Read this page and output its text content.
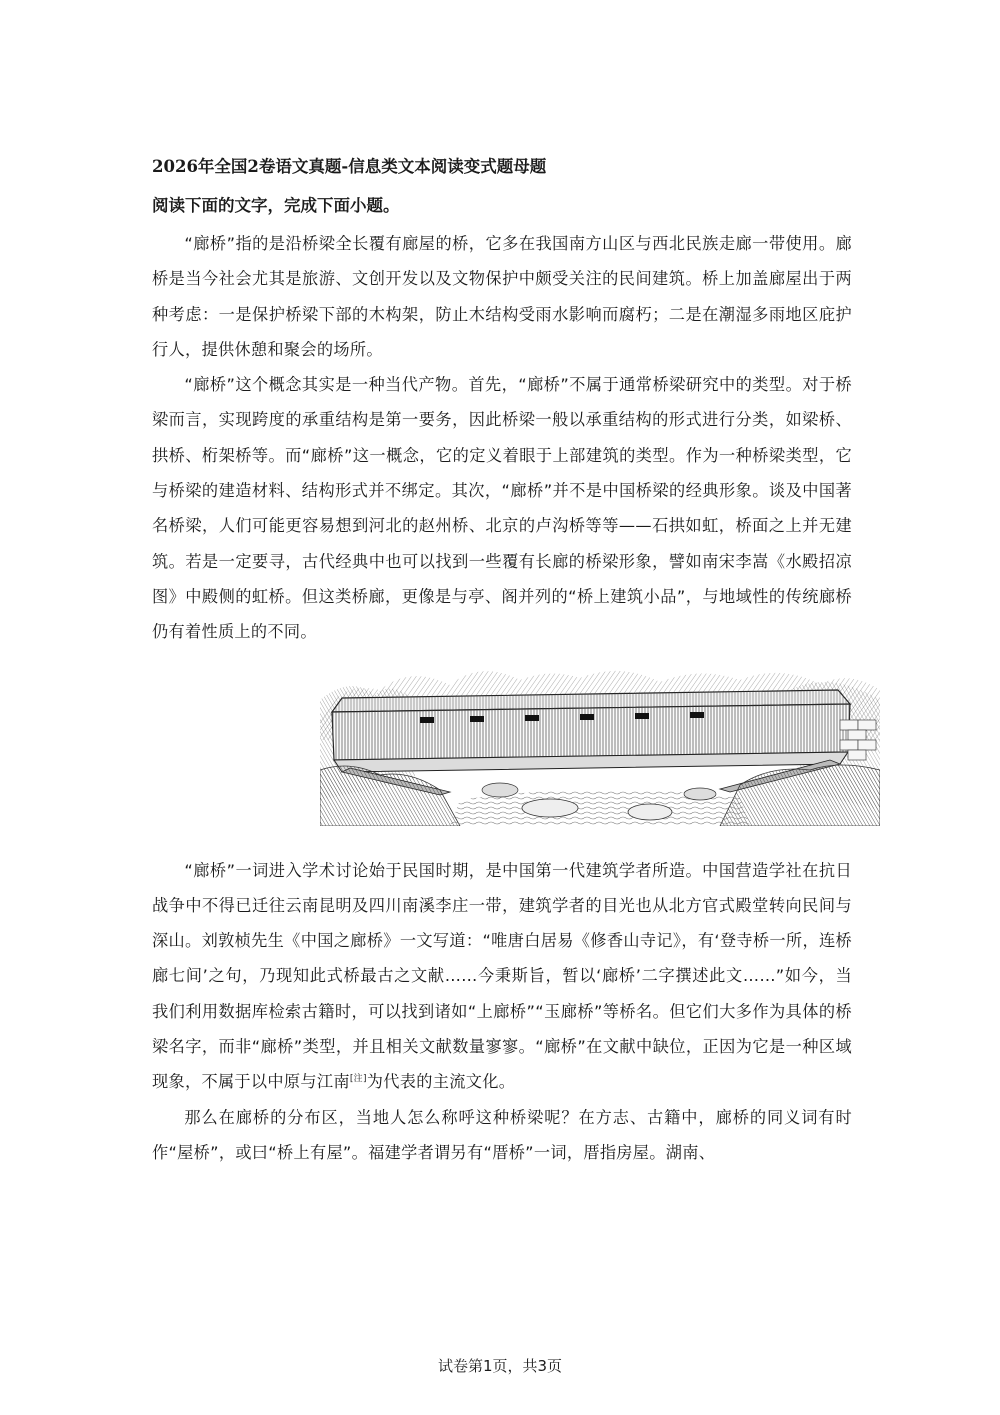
2026年全国2卷语文真题-信息类文本阅读变式题母题
阅读下面的文字，完成下面小题。

“廊桥”指的是沿桥梁全长覆有廊屋的桥，它多在我国南方山区与西北民族走廊一带使用。廊桥是当今社会尤其是旅游、文创开发以及文物保护中颇受关注的民间建筑。桥上加盖廊屋出于两种考虑：一是保护桥梁下部的木构架，防止木结构受雨水影响而腐朽；二是在潮湿多雨地区庇护行人，提供休憩和聚会的场所。

“廊桥”这个概念其实是一种当代产物。首先，“廊桥”不属于通常桥梁研究中的类型。对于桥梁而言，实现跨度的承重结构是第一要务，因此桥梁一般以承重结构的形式进行分类，如梁桥、拱桥、桁架桥等。而“廊桥”这一概念，它的定义着眼于上部建筑的类型。作为一种桥梁类型，它与桥梁的建造材料、结构形式并不绑定。其次，“廊桥”并不是中国桥梁的经典形象。谈及中国著名桥梁，人们可能更容易想到河北的赵州桥、北京的卢沟桥等等——石拱如虹，桥面之上并无建筑。若是一定要寻，古代经典中也可以找到一些覆有长廊的桥梁形象，譬如南宋李嵩《水殿招凉图》中殿侧的虹桥。但这类桥廊，更像是与亭、阁并列的“桥上建筑小品”，与地域性的传统廊桥仍有着性质上的不同。

“廊桥”一词进入学术讨论始于民国时期，是中国第一代建筑学者所造。中国营造学社在抗日战争中不得已迁往云南昆明及四川南溪李庄一带，建筑学者的目光也从北方官式殿堂转向民间与深山。刘敦桢先生《中国之廊桥》一文写道：“唯唐白居易《修香山寺记》，有‘登寺桥一所，连桥廊七间’之句，乃现知此式桥最古之文献……今秉斯旨，暂以‘廊桥’二字撰述此文……”如今，当我们利用数据库检索古籍时，可以找到诸如“上廊桥”“玉廊桥”等桥名。但它们大多作为具体的桥梁名字，而非“廊桥”类型，并且相关文献数量寥寥。“廊桥”在文献中缺位，正因为它是一种区域现象，不属于以中原与江南[注]为代表的主流文化。

那么在廊桥的分布区，当地人怎么称呼这种桥梁呢？在方志、古籍中，廊桥的同义词有时作“屋桥”，或曰“桥上有屋”。福建学者谓另有“厝桥”一词，厝指房屋。湖南、

试卷第1页，共3页
